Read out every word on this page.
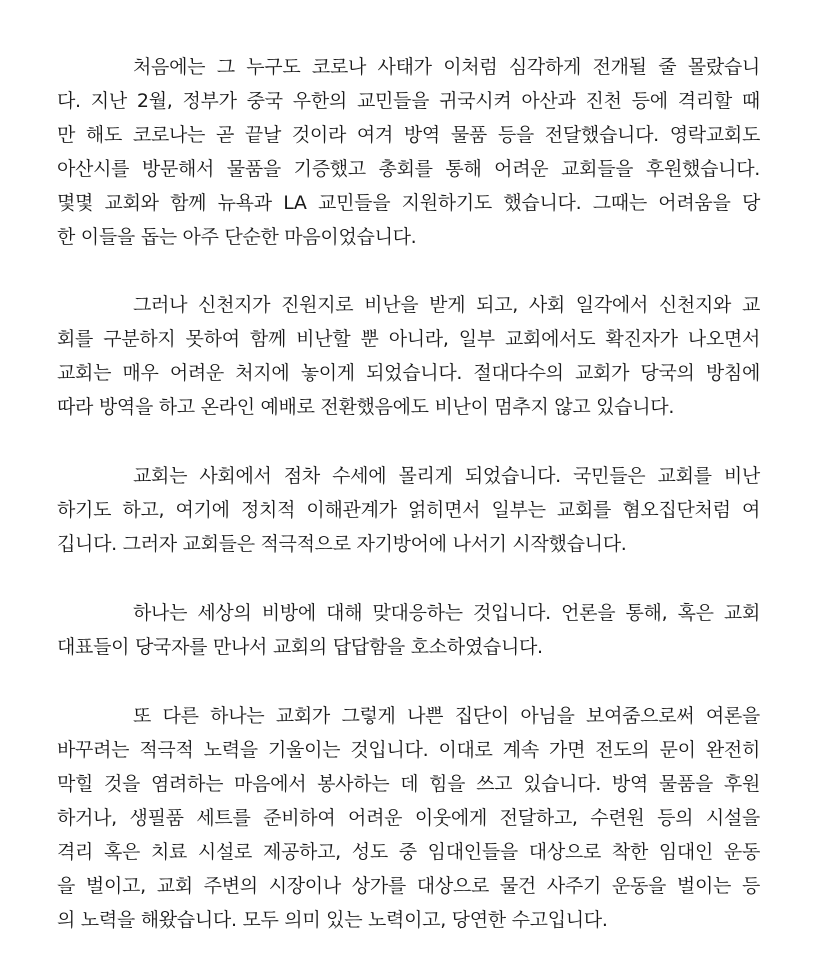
처음에는 그 누구도 코로나 사태가 이처럼 심각하게 전개될 줄 몰랐습니
다. 지난 2월, 정부가 중국 우한의 교민들을 귀국시켜 아산과 진천 등에 격리할 때
만 해도 코로나는 곧 끝날 것이라 여겨 방역 물품 등을 전달했습니다. 영락교회도
아산시를 방문해서 물품을 기증했고 총회를 통해 어려운 교회들을 후원했습니다.
몇몇 교회와 함께 뉴욕과 LA 교민들을 지원하기도 했습니다. 그때는 어려움을 당
한 이들을 돕는 아주 단순한 마음이었습니다.
그러나 신천지가 진원지로 비난을 받게 되고, 사회 일각에서 신천지와 교
회를 구분하지 못하여 함께 비난할 뿐 아니라, 일부 교회에서도 확진자가 나오면서
교회는 매우 어려운 처지에 놓이게 되었습니다. 절대다수의 교회가 당국의 방침에
따라 방역을 하고 온라인 예배로 전환했음에도 비난이 멈추지 않고 있습니다.
교회는 사회에서 점차 수세에 몰리게 되었습니다. 국민들은 교회를 비난
하기도 하고, 여기에 정치적 이해관계가 얽히면서 일부는 교회를 혐오집단처럼 여
깁니다. 그러자 교회들은 적극적으로 자기방어에 나서기 시작했습니다.
하나는 세상의 비방에 대해 맞대응하는 것입니다. 언론을 통해, 혹은 교회
대표들이 당국자를 만나서 교회의 답답함을 호소하였습니다.
또 다른 하나는 교회가 그렇게 나쁜 집단이 아님을 보여줌으로써 여론을
바꾸려는 적극적 노력을 기울이는 것입니다. 이대로 계속 가면 전도의 문이 완전히
막힐 것을 염려하는 마음에서 봉사하는 데 힘을 쓰고 있습니다. 방역 물품을 후원
하거나, 생필품 세트를 준비하여 어려운 이웃에게 전달하고, 수련원 등의 시설을
격리 혹은 치료 시설로 제공하고, 성도 중 임대인들을 대상으로 착한 임대인 운동
을 벌이고, 교회 주변의 시장이나 상가를 대상으로 물건 사주기 운동을 벌이는 등
의 노력을 해왔습니다. 모두 의미 있는 노력이고, 당연한 수고입니다.
